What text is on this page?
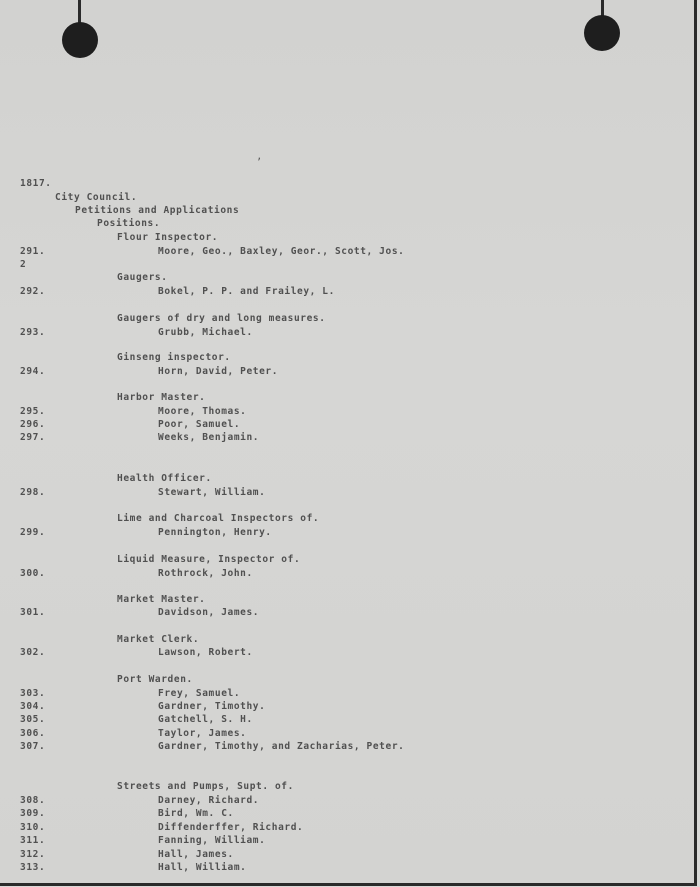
ʼ
1817.
City Council.
Petitions and Applications
Positions.
Flour Inspector.
291.	Moore, Geo., Baxley, Geor., Scott, Jos.
2
Gaugers.
292.	Bokel, P. P. and Frailey, L.
Gaugers of dry and long measures.
293.	Grubb, Michael.
Ginseng inspector.
294.	Horn, David, Peter.
Harbor Master.
295.	Moore, Thomas.
296.	Poor, Samuel.
297.	Weeks, Benjamin.
Health Officer.
298.	Stewart, William.
Lime and Charcoal Inspectors of.
299.	Pennington, Henry.
Liquid Measure, Inspector of.
300.	Rothrock, John.
Market Master.
301.	Davidson, James.
Market Clerk.
302.	Lawson, Robert.
Port Warden.
303.	Frey, Samuel.
304.	Gardner, Timothy.
305.	Gatchell, S. H.
306.	Taylor, James.
307.	Gardner, Timothy, and Zacharias, Peter.
Streets and Pumps, Supt. of.
308.	Darney, Richard.
309.	Bird, Wm. C.
310.	Diffenderffer, Richard.
311.	Fanning, William.
312.	Hall, James.
313.	Hall, William.
